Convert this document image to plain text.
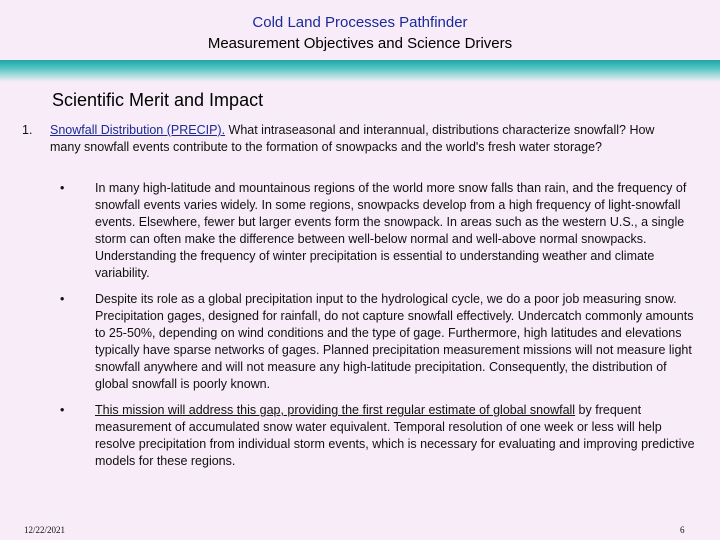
Cold Land Processes Pathfinder
Measurement Objectives and Science Drivers
Scientific Merit and Impact
1. Snowfall Distribution (PRECIP). What intraseasonal and interannual, distributions characterize snowfall? How many snowfall events contribute to the formation of snowpacks and the world's fresh water storage?
• In many high-latitude and mountainous regions of the world more snow falls than rain, and the frequency of snowfall events varies widely. In some regions, snowpacks develop from a high frequency of light-snowfall events. Elsewhere, fewer but larger events form the snowpack. In areas such as the western U.S., a single storm can often make the difference between well-below normal and well-above normal snowpacks. Understanding the frequency of winter precipitation is essential to understanding weather and climate variability.
• Despite its role as a global precipitation input to the hydrological cycle, we do a poor job measuring snow. Precipitation gages, designed for rainfall, do not capture snowfall effectively. Undercatch commonly amounts to 25-50%, depending on wind conditions and the type of gage. Furthermore, high latitudes and elevations typically have sparse networks of gages. Planned precipitation measurement missions will not measure light snowfall anywhere and will not measure any high-latitude precipitation. Consequently, the distribution of global snowfall is poorly known.
• This mission will address this gap, providing the first regular estimate of global snowfall by frequent measurement of accumulated snow water equivalent. Temporal resolution of one week or less will help resolve precipitation from individual storm events, which is necessary for evaluating and improving predictive models for these regions.
12/22/2021	6
